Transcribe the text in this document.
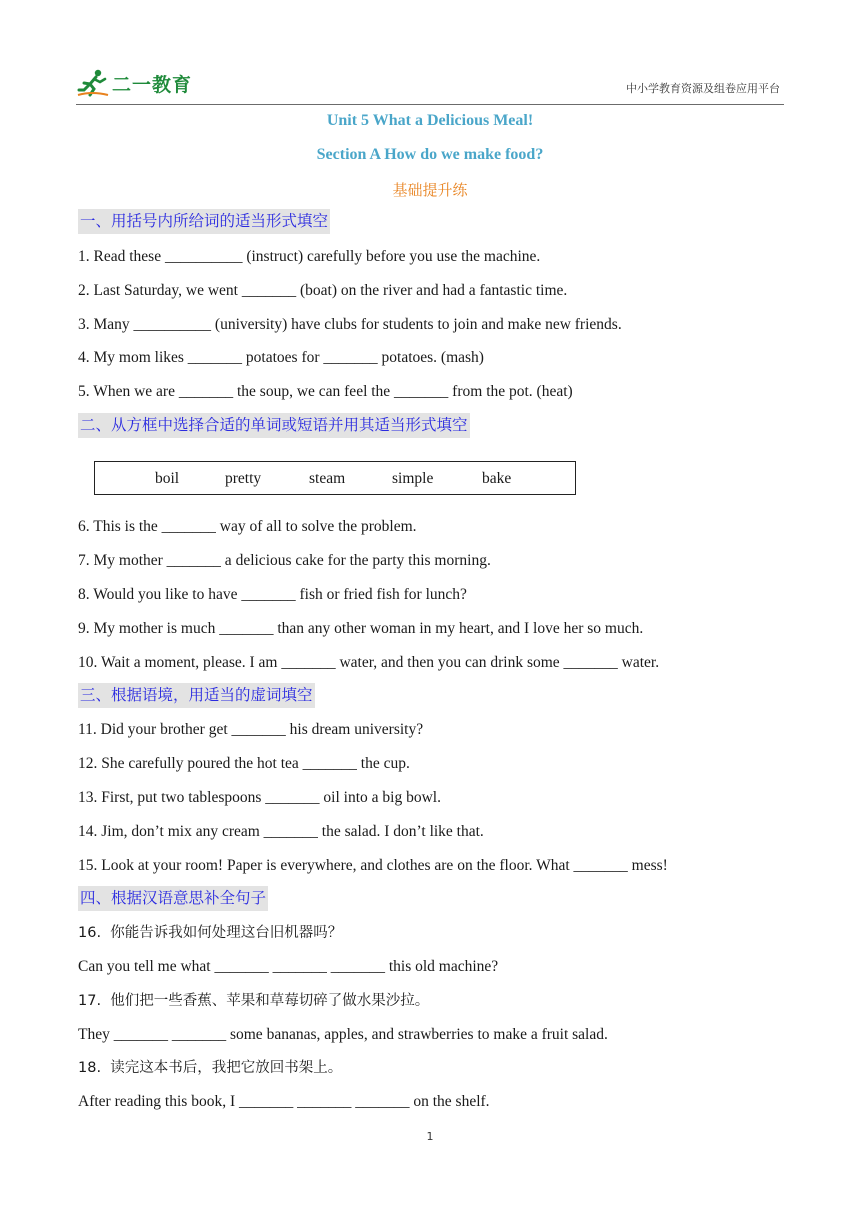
二一教育	中小学教育资源及组卷应用平台
Unit 5 What a Delicious Meal!
Section A How do we make food?
基础提升练
一、用括号内所给词的适当形式填空
1. Read these __________ (instruct) carefully before you use the machine.
2. Last Saturday, we went _______ (boat) on the river and had a fantastic time.
3. Many __________ (university) have clubs for students to join and make new friends.
4. My mom likes _______ potatoes for _______ potatoes. (mash)
5. When we are _______ the soup, we can feel the _______ from the pot. (heat)
二、从方框中选择合适的单词或短语并用其适当形式填空
boil	pretty	steam	simple	bake
6. This is the _______ way of all to solve the problem.
7. My mother _______ a delicious cake for the party this morning.
8. Would you like to have _______ fish or fried fish for lunch?
9. My mother is much _______ than any other woman in my heart, and I love her so much.
10. Wait a moment, please. I am _______ water, and then you can drink some _______ water.
三、根据语境，用适当的虚词填空
11. Did your brother get _______ his dream university?
12. She carefully poured the hot tea _______ the cup.
13. First, put two tablespoons _______ oil into a big bowl.
14. Jim, don’t mix any cream _______ the salad. I don’t like that.
15. Look at your room! Paper is everywhere, and clothes are on the floor. What _______ mess!
四、根据汉语意思补全句子
16.  你能告诉我如何处理这台旧机器吗？
Can you tell me what _______ _______ _______ this old machine?
17.  他们把一些香蕉、苹果和草莓切碎了做水果沙拉。
They _______ _______ some bananas, apples, and strawberries to make a fruit salad.
18.  读完这本书后，我把它放回书架上。
After reading this book, I _______ _______ _______ on the shelf.
1
